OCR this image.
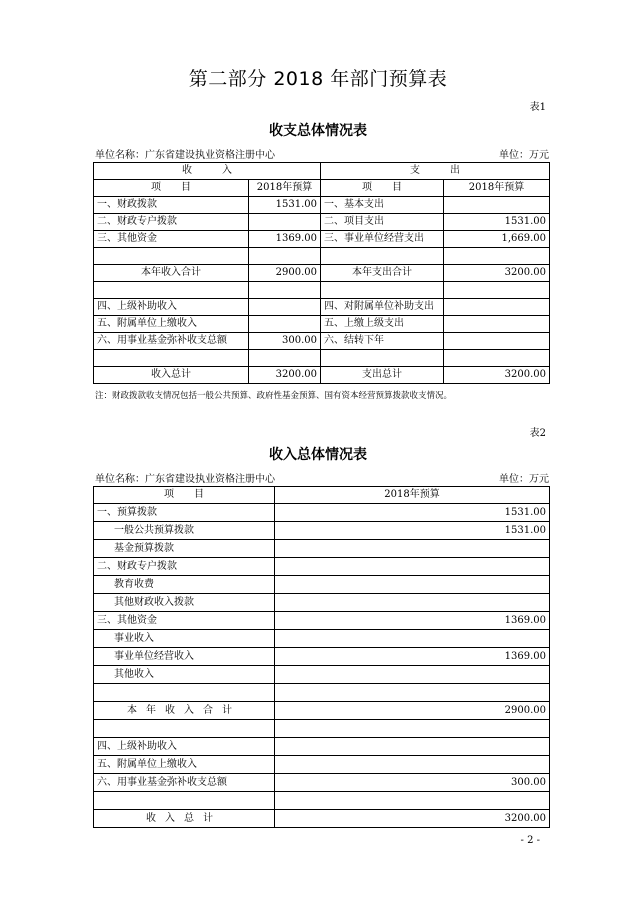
第二部分 2018 年部门预算表
表1
收支总体情况表
单位名称：广东省建设执业资格注册中心	单位：万元
收　　　入		支　　　出	
项　　目	2018年预算	项　　目	2018年预算
一、财政拨款	1531.00	一、基本支出	
二、财政专户拨款		二、项目支出	1531.00
三、其他资金	1369.00	三、事业单位经营支出	1,669.00

本年收入合计	2900.00	本年支出合计	3200.00

四、上级补助收入		四、对附属单位补助支出	
五、附属单位上缴收入		五、上缴上级支出	
六、用事业基金弥补收支总额	300.00	六、结转下年	

收入总计	3200.00	支出总计	3200.00
注：财政拨款收支情况包括一般公共预算、政府性基金预算、国有资本经营预算拨款收支情况。
表2
收入总体情况表
单位名称：广东省建设执业资格注册中心	单位：万元
项　　目	2018年预算
一、预算拨款	1531.00
一般公共预算拨款	1531.00
基金预算拨款	
二、财政专户拨款	
教育收费	
其他财政收入拨款	
三、其他资金	1369.00
事业收入	
事业单位经营收入	1369.00
其他收入	

本年收入合计	2900.00

四、上级补助收入	
五、附属单位上缴收入	
六、用事业基金弥补收支总额	300.00

收入总计	3200.00
- 2 -
